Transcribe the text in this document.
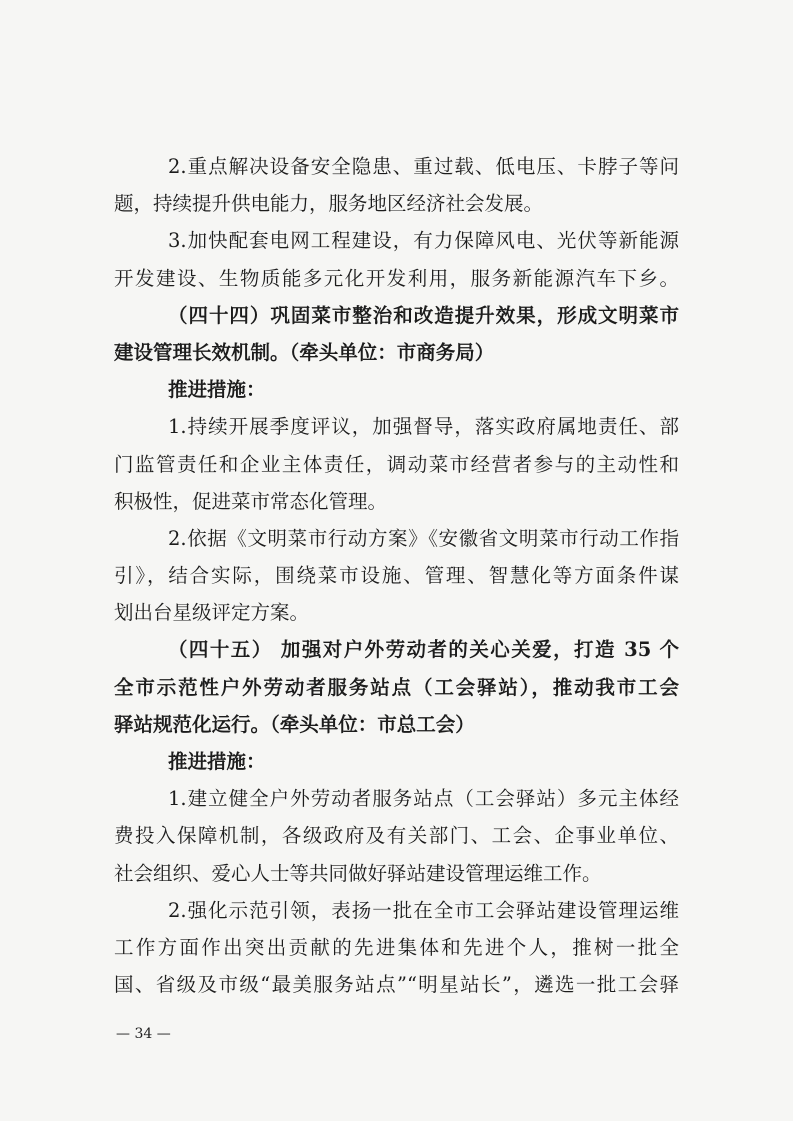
2.重点解决设备安全隐患、重过载、低电压、卡脖子等问
题，持续提升供电能力，服务地区经济社会发展。
3.加快配套电网工程建设，有力保障风电、光伏等新能源
开发建设、生物质能多元化开发利用，服务新能源汽车下乡。
（四十四）巩固菜市整治和改造提升效果，形成文明菜市
建设管理长效机制。（牵头单位：市商务局）
推进措施：
1.持续开展季度评议，加强督导，落实政府属地责任、部
门监管责任和企业主体责任，调动菜市经营者参与的主动性和
积极性，促进菜市常态化管理。
2.依据《文明菜市行动方案》《安徽省文明菜市行动工作指
引》，结合实际，围绕菜市设施、管理、智慧化等方面条件谋
划出台星级评定方案。
（四十五） 加强对户外劳动者的关心关爱，打造 35 个
全市示范性户外劳动者服务站点（工会驿站），推动我市工会
驿站规范化运行。（牵头单位：市总工会）
推进措施：
1.建立健全户外劳动者服务站点（工会驿站）多元主体经
费投入保障机制，各级政府及有关部门、工会、企事业单位、
社会组织、爱心人士等共同做好驿站建设管理运维工作。
2.强化示范引领，表扬一批在全市工会驿站建设管理运维
工作方面作出突出贡献的先进集体和先进个人，推树一批全
国、省级及市级“最美服务站点”“明星站长”，遴选一批工会驿
— 34 —
